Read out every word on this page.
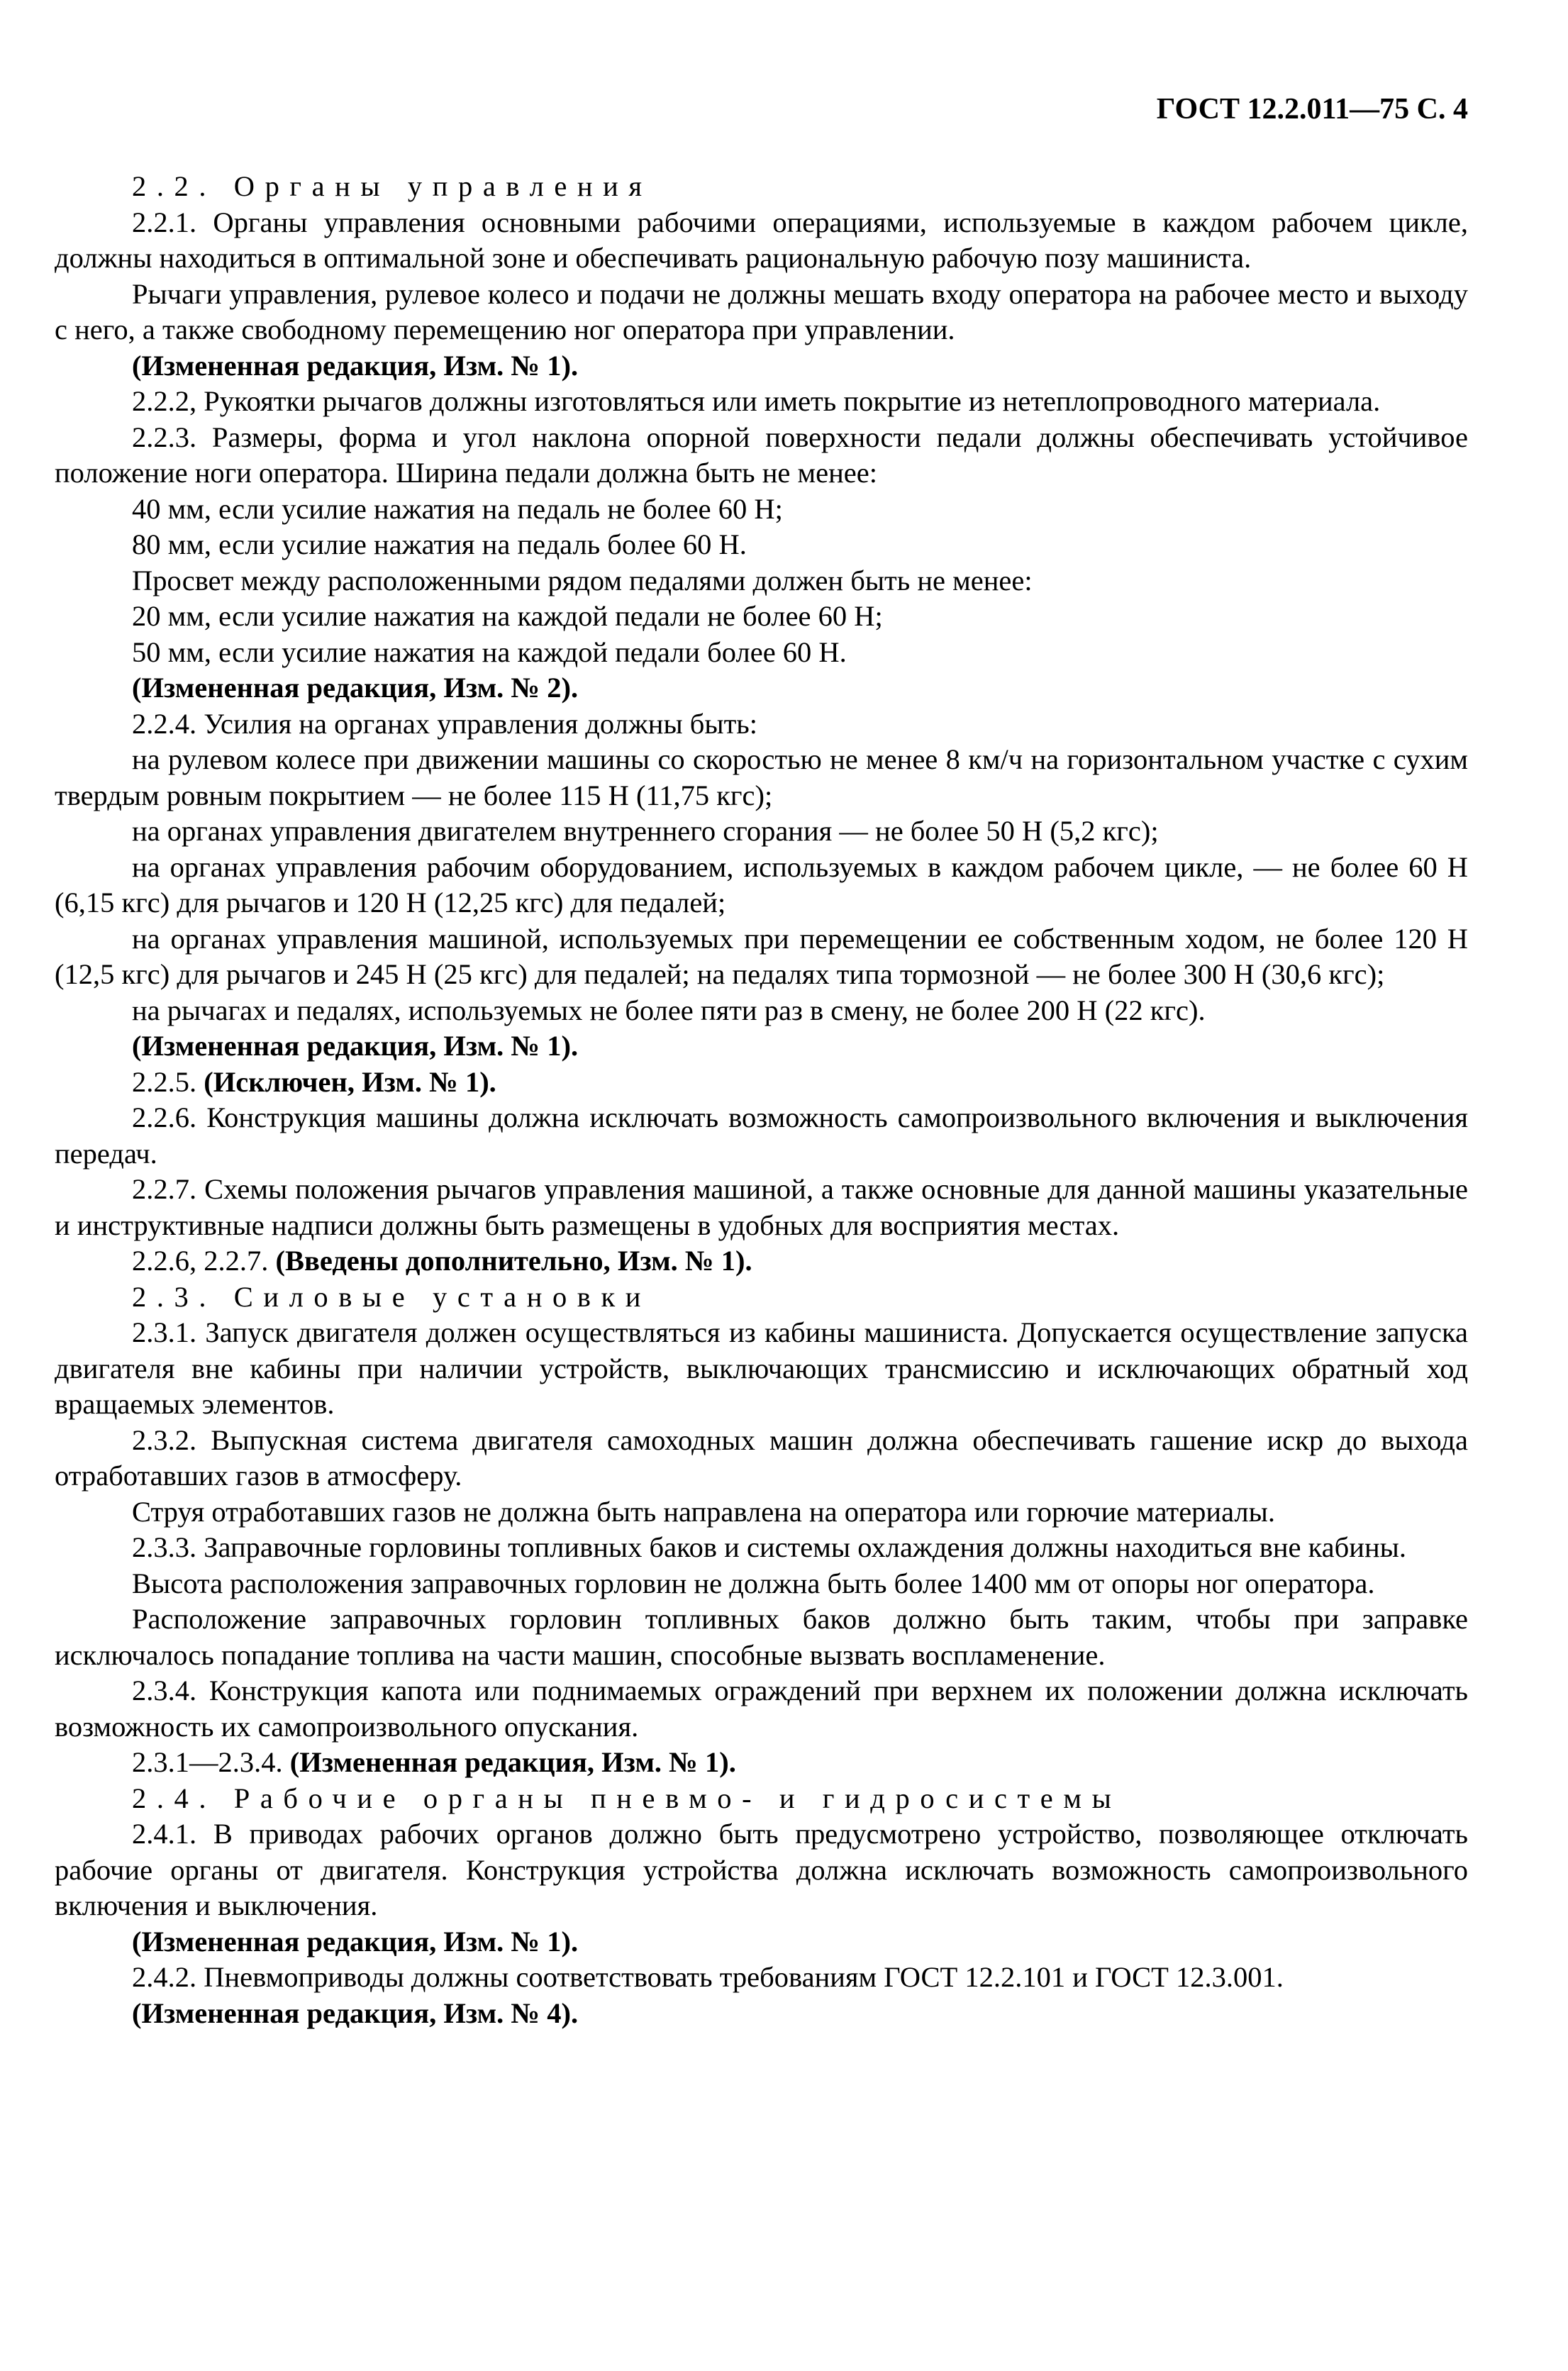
ГОСТ 12.2.011—75 С. 4

2.2. Органы управления

2.2.1. Органы управления основными рабочими операциями, используемые в каждом рабочем цикле, должны находиться в оптимальной зоне и обеспечивать рациональную рабочую позу машиниста.

Рычаги управления, рулевое колесо и подачи не должны мешать входу оператора на рабочее место и выходу с него, а также свободному перемещению ног оператора при управлении.

(Измененная редакция, Изм. № 1).

2.2.2, Рукоятки рычагов должны изготовляться или иметь покрытие из нетеплопроводного материала.

2.2.3. Размеры, форма и угол наклона опорной поверхности педали должны обеспечивать устойчивое положение ноги оператора. Ширина педали должна быть не менее:

40 мм, если усилие нажатия на педаль не более 60 Н;

80 мм, если усилие нажатия на педаль более 60 Н.

Просвет между расположенными рядом педалями должен быть не менее:

20 мм, если усилие нажатия на каждой педали не более 60 Н;

50 мм, если усилие нажатия на каждой педали более 60 Н.

(Измененная редакция, Изм. № 2).

2.2.4. Усилия на органах управления должны быть:

на рулевом колесе при движении машины со скоростью не менее 8 км/ч на горизонтальном участке с сухим твердым ровным покрытием — не более 115 Н (11,75 кгс);

на органах управления двигателем внутреннего сгорания — не более 50 Н (5,2 кгс);

на органах управления рабочим оборудованием, используемых в каждом рабочем цикле, — не более 60 Н (6,15 кгс) для рычагов и 120 Н (12,25 кгс) для педалей;

на органах управления машиной, используемых при перемещении ее собственным ходом, не более 120 Н (12,5 кгс) для рычагов и 245 Н (25 кгс) для педалей; на педалях типа тормозной — не более 300 Н (30,6 кгс);

на рычагах и педалях, используемых не более пяти раз в смену, не более 200 Н (22 кгс).

(Измененная редакция, Изм. № 1).

2.2.5. (Исключен, Изм. № 1).

2.2.6. Конструкция машины должна исключать возможность самопроизвольного включения и выключения передач.

2.2.7. Схемы положения рычагов управления машиной, а также основные для данной машины указательные и инструктивные надписи должны быть размещены в удобных для восприятия местах.

2.2.6, 2.2.7. (Введены дополнительно, Изм. № 1).

2.3. Силовые установки

2.3.1. Запуск двигателя должен осуществляться из кабины машиниста. Допускается осуществление запуска двигателя вне кабины при наличии устройств, выключающих трансмиссию и исключающих обратный ход вращаемых элементов.

2.3.2. Выпускная система двигателя самоходных машин должна обеспечивать гашение искр до выхода отработавших газов в атмосферу.

Струя отработавших газов не должна быть направлена на оператора или горючие материалы.

2.3.3. Заправочные горловины топливных баков и системы охлаждения должны находиться вне кабины.

Высота расположения заправочных горловин не должна быть более 1400 мм от опоры ног оператора.

Расположение заправочных горловин топливных баков должно быть таким, чтобы при заправке исключалось попадание топлива на части машин, способные вызвать воспламенение.

2.3.4. Конструкция капота или поднимаемых ограждений при верхнем их положении должна исключать возможность их самопроизвольного опускания.

2.3.1—2.3.4. (Измененная редакция, Изм. № 1).

2.4. Рабочие органы пневмо- и гидросистемы

2.4.1. В приводах рабочих органов должно быть предусмотрено устройство, позволяющее отключать рабочие органы от двигателя. Конструкция устройства должна исключать возможность самопроизвольного включения и выключения.

(Измененная редакция, Изм. № 1).

2.4.2. Пневмоприводы должны соответствовать требованиям ГОСТ 12.2.101 и ГОСТ 12.3.001.

(Измененная редакция, Изм. № 4).
